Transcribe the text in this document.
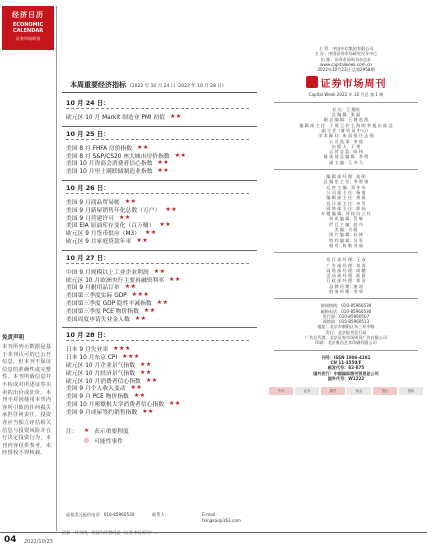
经济日历
ECONOMIC CALENDAR
证券市场周刊
免责声明
本刊所列示数据是基于本刊认可的已公开信息，但本刊不保证信息的准确性或完整性。本刊所载信息并不构成对所述证券买卖的出价或征价。本刊不对因使用本刊内容所引致的任何损失承担任何责任。投资者应当独立评估相关信息与投资风险并自行决定投资行为，本刊内容仅供参考。未经授权不得转载。
本周重要经济指标 (2022 年 10 月 24 日 -2022 年 10 月 28 日)
10 月 24 日：
欧元区 10 月 Markit 制造业 PMI 初值 ★★
10 月 25 日：
美国 8 月 FHFA 房价指数 ★★
美国 8 月 S&P/CS20 座大城市房价指数 ★★
美国 10 月咨商会消费者信心指数 ★★
美国 10 月里士满联储制造业指数 ★★
10 月 26 日：
美国 9 月商品贸易帐 ★★
美国 9 月新屋销售年化总数（万户） ★★
美国 9 月营建许可 ★★
美国 EIA 原油库存变化（百万桶） ★★
欧元区 9 月货币供应（M3） ★★
欧元区 9 月家庭贷款年率 ★★
10 月 27 日：
中国 9 月规模以上工业企业利润 ★★
欧元区 10 月欧洲央行主要再融资利率 ★★
美国 9 月耐用品订单 ★★
美国第三季度实际 GDP ★★★
美国第三季度 GDP 隐性平减指数 ★★
美国第三季度 PCE 物价指数 ★★
美国周度申请失业金人数 ★★
10 月 28 日：
日本 9 月失业率 ★★★
日本 10 月东京 CPI ★★★
欧元区 10 月企业景气指数 ★★
欧元区 10 月经济景气指数 ★★
欧元区 10 月消费者信心指数 ★★
美国 9 月个人收入变动 ★★
美国 9 月 PCE 物价指数 ★★
美国 10 月密歇根大学消费者信心指数 ★★
美国 9 月成屋签约销售指数 ★★
注：	★ 表示重要程度
◎ 可能性事件
虚拟美元报价电话：010-85960530	联系人：	E-mail：
fxingkai@163.com
04 2022/10/23
主 管：中国中信集团有限公司
主 办：中国证券市场研究设计中心
出 版：证券市场周刊杂志社
www.capitalweek.com.cn
2022年10月23日 总第2958期
证券市场周刊
Capital Week 2022 年 10 月总 第 1 期
社 长：王 澳明
总 编 辑：张 磊
副 总 编 辑：王 健 赵 凯
编 辑 部 主 任：于 建 王 钧 王 海 明 李 旭 东 陈 浩
副 主 任（兼 资 讯 中 心）
学 术 顾 问：朱 国 根 任 志 强
公 司 监 事：李 俊
出 版 人：于 建
运 营 总 监：陈 伟
媒 体 部 总 编 辑：李 明
副 主 编：王 冬 力
编 辑 部 经 理：张 明
总 编 室 主 任：李 智 康
运 营 主 编：刘 冬 冬
公 司 部 主 任：杨 倩
编 辑 部 主 任：黄 燕
设 计 部 主 任：齐 雪
网 络 部 主 任：郭 伟
专 题 编 辑：刘 伟 冯 立 红
资 讯 编 辑：蔡 敏
栏 目 主 编：赵 丹
美 编：马 媛
图 片 编 辑：孙 林
特 约 编 辑：吴 军
校 对：陈 敏 刘 丽
发 行 部 经 理：王 双
广 告 部 经 理：刘 涛
网 络 部 经 理：周 鹏
活 动 部 经 理：陈 晨
行 政 部 经 理：郑 洁
品 牌 经 理：唐 明
财 务 经 理：李 华
新闻热线：010-85960539
邮购电话：010-85960530
发行部：010-85960507
网络部：010-85960513
地址：北京市朝阳区东三环中路
发行：北京报刊发行局
广告总代理：北京证券市场周刊广告有限公司
印刷：北京雅昌艺术印刷有限公司
刊号：ISSN 1006-4281
CN 11-3550/F
邮发代号：82-875
国外发行：中国国际图书贸易总公司
国外代号：W1222
中信	证券	期货	基金	银行	保险
